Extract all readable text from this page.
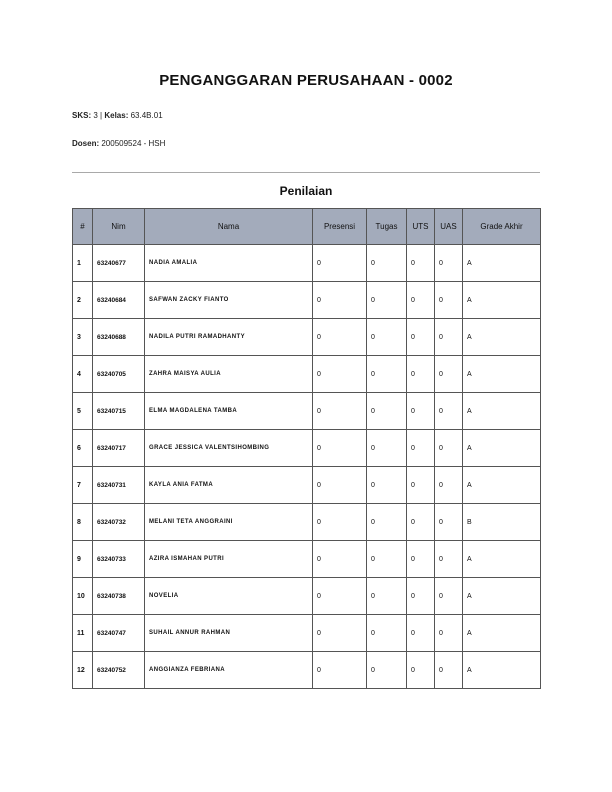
PENGANGGARAN PERUSAHAAN - 0002
SKS: 3 | Kelas: 63.4B.01
Dosen: 200509524 - HSH
Penilaian
#	Nim	Nama	Presensi	Tugas	UTS	UAS	Grade Akhir
1	63240677	NADIA AMALIA	0	0	0	0	A
2	63240684	SAFWAN ZACKY FIANTO	0	0	0	0	A
3	63240688	NADILA PUTRI RAMADHANTY	0	0	0	0	A
4	63240705	ZAHRA MAISYA AULIA	0	0	0	0	A
5	63240715	ELMA MAGDALENA TAMBA	0	0	0	0	A
6	63240717	GRACE JESSICA VALENTSIHOMBING	0	0	0	0	A
7	63240731	KAYLA ANIA FATMA	0	0	0	0	A
8	63240732	MELANI TETA ANGGRAINI	0	0	0	0	B
9	63240733	AZIRA ISMAHAN PUTRI	0	0	0	0	A
10	63240738	NOVELIA	0	0	0	0	A
11	63240747	SUHAIL ANNUR RAHMAN	0	0	0	0	A
12	63240752	ANGGIANZA FEBRIANA	0	0	0	0	A
